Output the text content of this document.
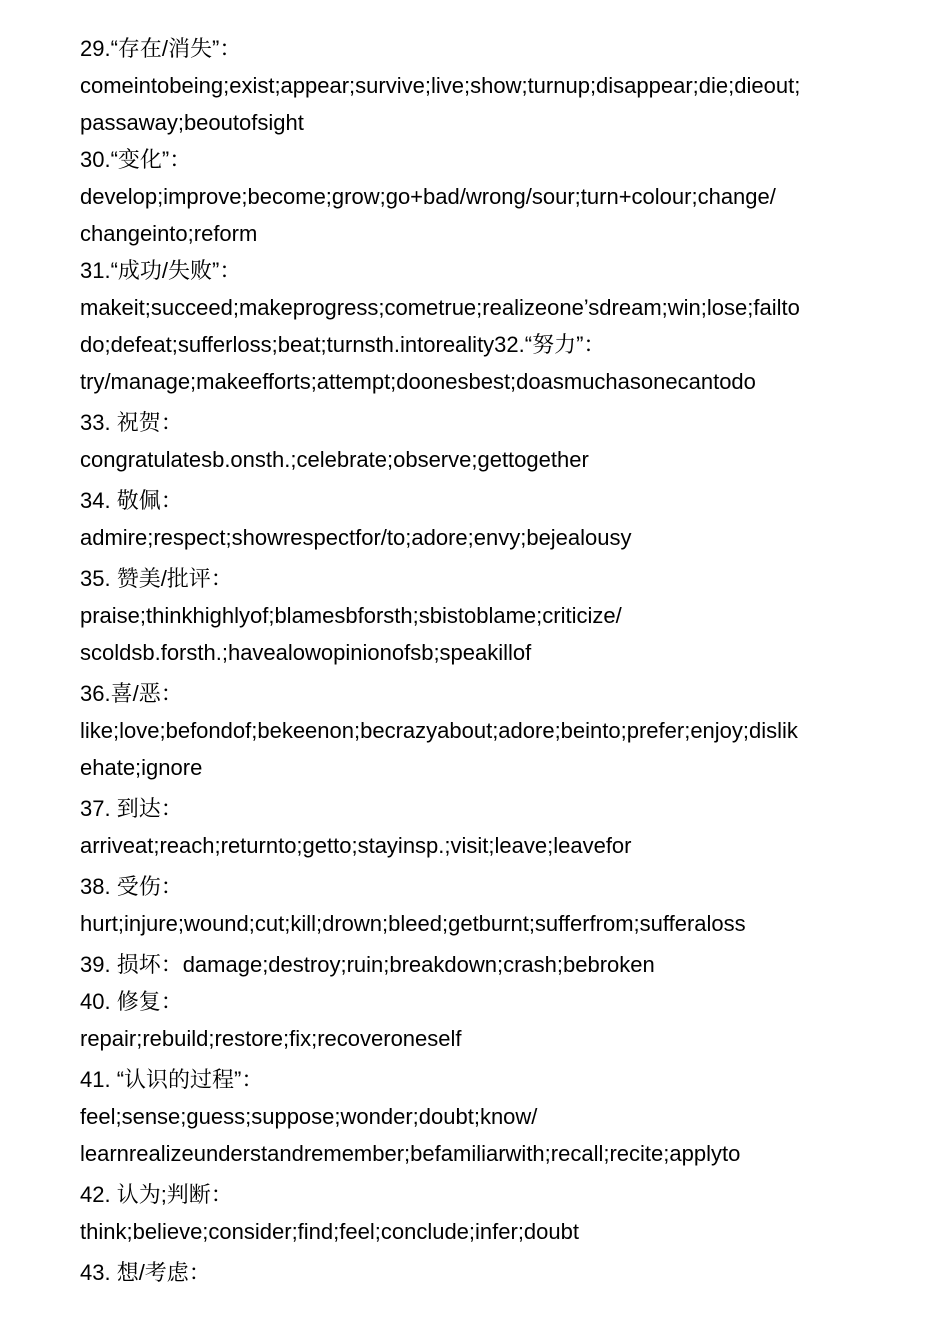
29.“存在/消失”：

comeintobeing;exist;appear;survive;live;show;turnup;disappear;die;dieout;

passaway;beoutofsight

30.“变化”：

develop;improve;become;grow;go+bad/wrong/sour;turn+colour;change/

changeinto;reform

31.“成功/失败”：

makeit;succeed;makeprogress;cometrue;realizeone’sdream;win;lose;failto

do;defeat;sufferloss;beat;turnsth.intoreality32.“努力”：

try/manage;makeefforts;attempt;doonesbest;doasmuchasonecantodo

33. 祝贺：

congratulatesb.onsth.;celebrate;observe;gettogether

34. 敬佩：

admire;respect;showrespectfor/to;adore;envy;bejealousy

35. 赞美/批评：

praise;thinkhighlyof;blamesbforsth;sbistoblame;criticize/

scoldsb.forsth.;havealowopinionofsb;speakillof

36.喜/恶：

like;love;befondof;bekeenon;becrazyabout;adore;beinto;prefer;enjoy;dislik

ehate;ignore

37. 到达：

arriveat;reach;returnto;getto;stayinsp.;visit;leave;leavefor

38. 受伤：

hurt;injure;wound;cut;kill;drown;bleed;getburnt;sufferfrom;sufferaloss

39. 损坏：damage;destroy;ruin;breakdown;crash;bebroken

40. 修复：

repair;rebuild;restore;fix;recoveroneself

41. “认识的过程”：

feel;sense;guess;suppose;wonder;doubt;know/

learnrealizeunderstandremember;befamiliarwith;recall;recite;applyto

42. 认为;判断：

think;believe;consider;find;feel;conclude;infer;doubt

43. 想/考虑：
